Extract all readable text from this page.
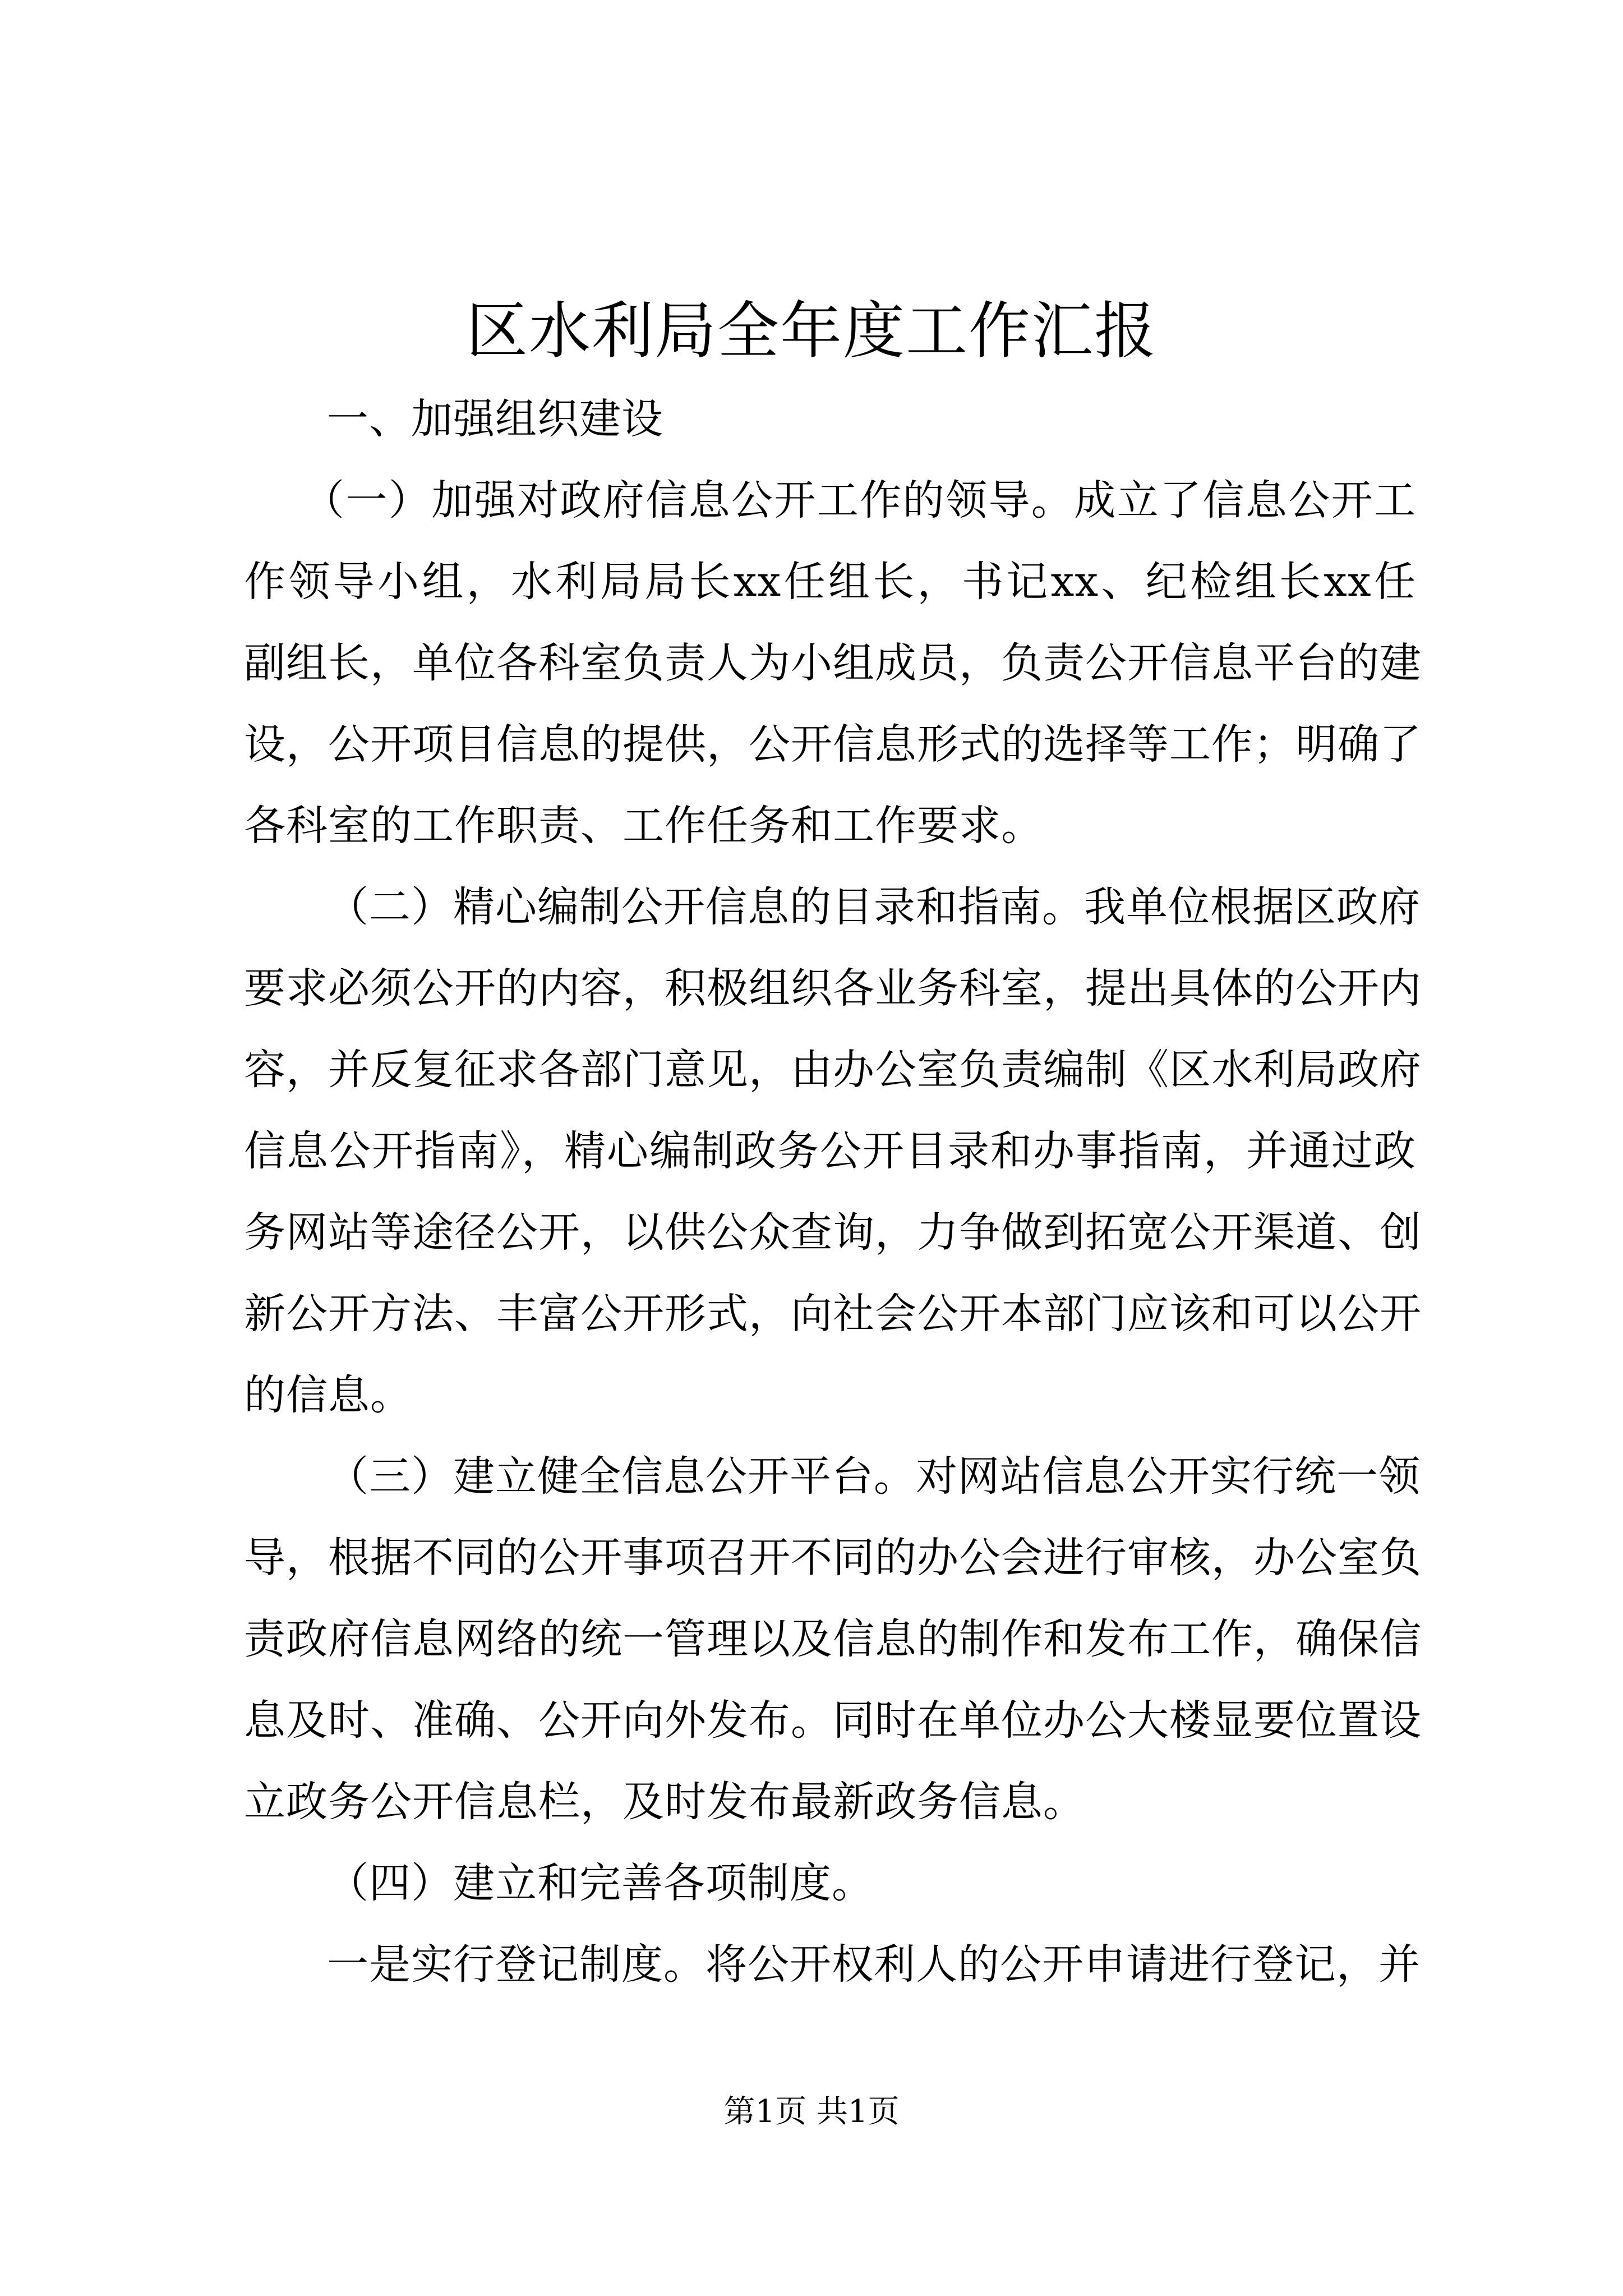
区水利局全年度工作汇报
一、加强组织建设
（一）加强对政府信息公开工作的领导。成立了信息公开工
作领导小组，水利局局长xx任组长，书记xx、纪检组长xx任
副组长，单位各科室负责人为小组成员，负责公开信息平台的建
设，公开项目信息的提供，公开信息形式的选择等工作；明确了
各科室的工作职责、工作任务和工作要求。
（二）精心编制公开信息的目录和指南。我单位根据区政府
要求必须公开的内容，积极组织各业务科室，提出具体的公开内
容，并反复征求各部门意见，由办公室负责编制《区水利局政府
信息公开指南》，精心编制政务公开目录和办事指南，并通过政
务网站等途径公开，以供公众查询，力争做到拓宽公开渠道、创
新公开方法、丰富公开形式，向社会公开本部门应该和可以公开
的信息。
（三）建立健全信息公开平台。对网站信息公开实行统一领
导，根据不同的公开事项召开不同的办公会进行审核，办公室负
责政府信息网络的统一管理以及信息的制作和发布工作，确保信
息及时、准确、公开向外发布。同时在单位办公大楼显要位置设
立政务公开信息栏，及时发布最新政务信息。
（四）建立和完善各项制度。
一是实行登记制度。将公开权利人的公开申请进行登记，并
第1页 共1页
